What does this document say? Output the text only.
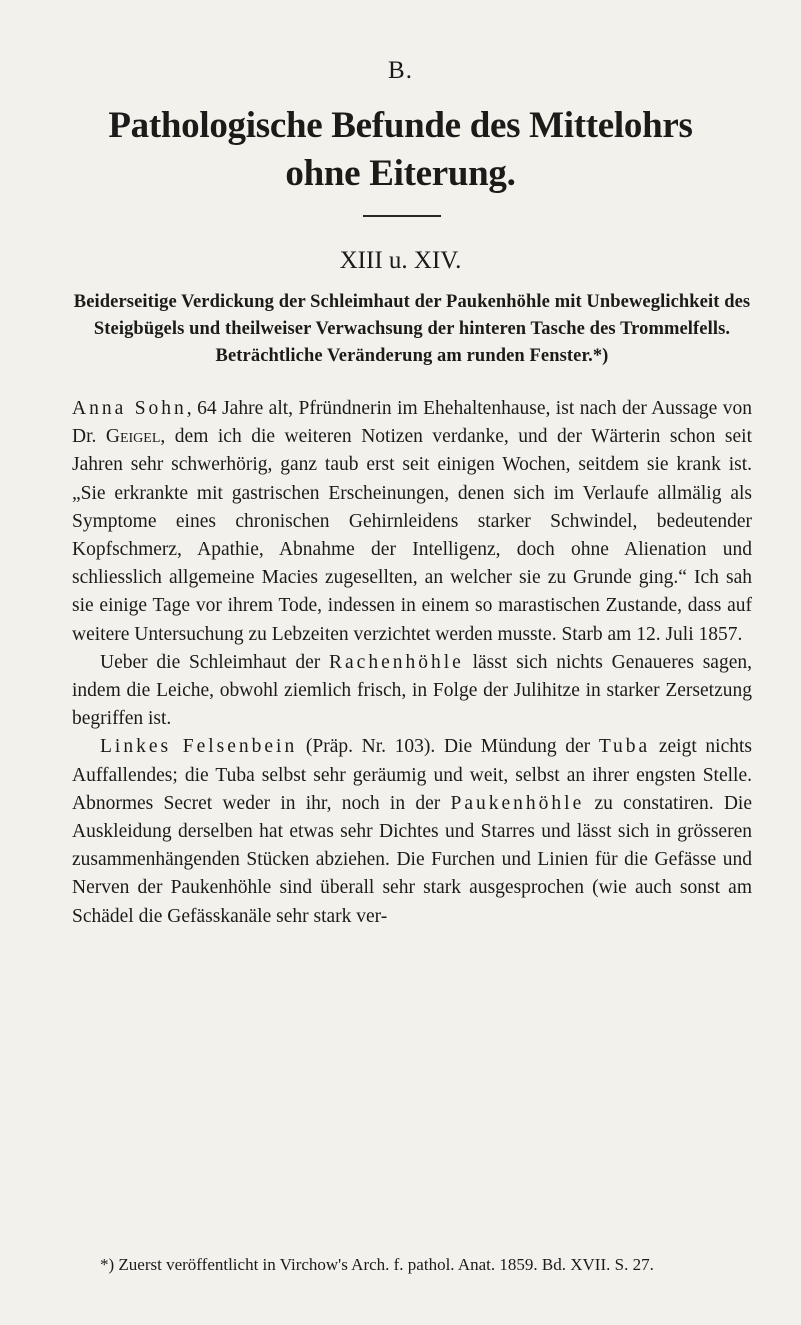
B.
Pathologische Befunde des Mittelohrs
ohne Eiterung.
XIII u. XIV.
Beiderseitige Verdickung der Schleimhaut der Paukenhöhle mit Unbeweglichkeit des Steigbügels und theilweiser Verwachsung der hinteren Tasche des Trommelfells. Beträchtliche Veränderung am runden Fenster.*)

Anna Sohn, 64 Jahre alt, Pfründnerin im Ehehaltenhause, ist nach der Aussage von Dr. Geigel, dem ich die weiteren Notizen verdanke, und der Wärterin schon seit Jahren sehr schwerhörig, ganz taub erst seit einigen Wochen, seitdem sie krank ist. „Sie erkrankte mit gastrischen Erscheinungen, denen sich im Verlaufe allmälig als Symptome eines chronischen Gehirnleidens starker Schwindel, bedeutender Kopfschmerz, Apathie, Abnahme der Intelligenz, doch ohne Alienation und schliesslich allgemeine Macies zugesellten, an welcher sie zu Grunde ging.“ Ich sah sie einige Tage vor ihrem Tode, indessen in einem so marastischen Zustande, dass auf weitere Untersuchung zu Lebzeiten verzichtet werden musste. Starb am 12. Juli 1857.

Ueber die Schleimhaut der Rachenhöhle lässt sich nichts Genaueres sagen, indem die Leiche, obwohl ziemlich frisch, in Folge der Julihitze in starker Zersetzung begriffen ist.

Linkes Felsenbein (Präp. Nr. 103). Die Mündung der Tuba zeigt nichts Auffallendes; die Tuba selbst sehr geräumig und weit, selbst an ihrer engsten Stelle. Abnormes Secret weder in ihr, noch in der Paukenhöhle zu constatiren. Die Auskleidung derselben hat etwas sehr Dichtes und Starres und lässt sich in grösseren zusammenhängenden Stücken abziehen. Die Furchen und Linien für die Gefässe und Nerven der Paukenhöhle sind überall sehr stark ausgesprochen (wie auch sonst am Schädel die Gefässkanäle sehr stark ver-

*) Zuerst veröffentlicht in Virchow's Arch. f. pathol. Anat. 1859. Bd. XVII. S. 27.
